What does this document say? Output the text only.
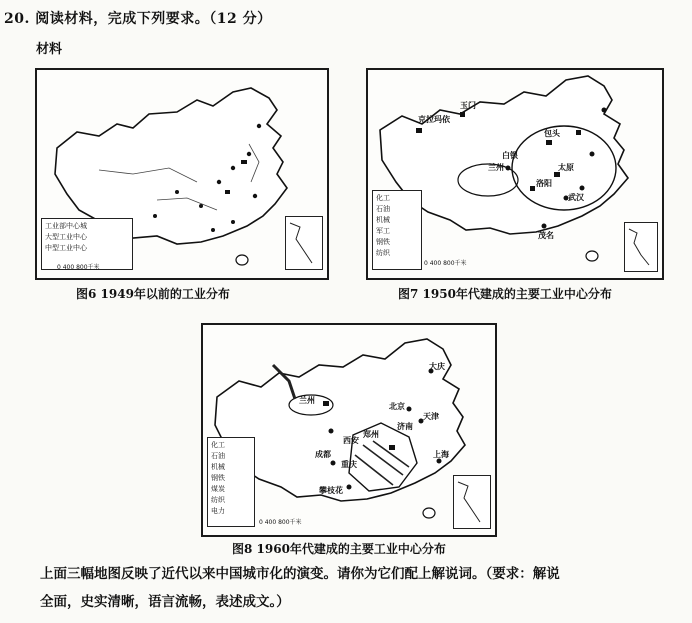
20. 阅读材料，完成下列要求。（12 分）
材料
工业部中心城
大型工业中心
中型工业中心
0 400 800千米
图6 1949年以前的工业分布
克拉玛依
兰州
白银
玉门
武汉
太原
包头
洛阳
茂名
化工
石油
机械
军工
钢铁
纺织
0 400 800千米
图7 1950年代建成的主要工业中心分布
大庆
北京
天津
兰州
郑州
上海
重庆
成都
攀枝花
西安
济南
化工
石油
机械
钢铁
煤炭
纺织
电力
0 400 800千米
图8 1960年代建成的主要工业中心分布
上面三幅地图反映了近代以来中国城市化的演变。请你为它们配上解说词。（要求：解说
全面，史实清晰，语言流畅，表述成文。）
